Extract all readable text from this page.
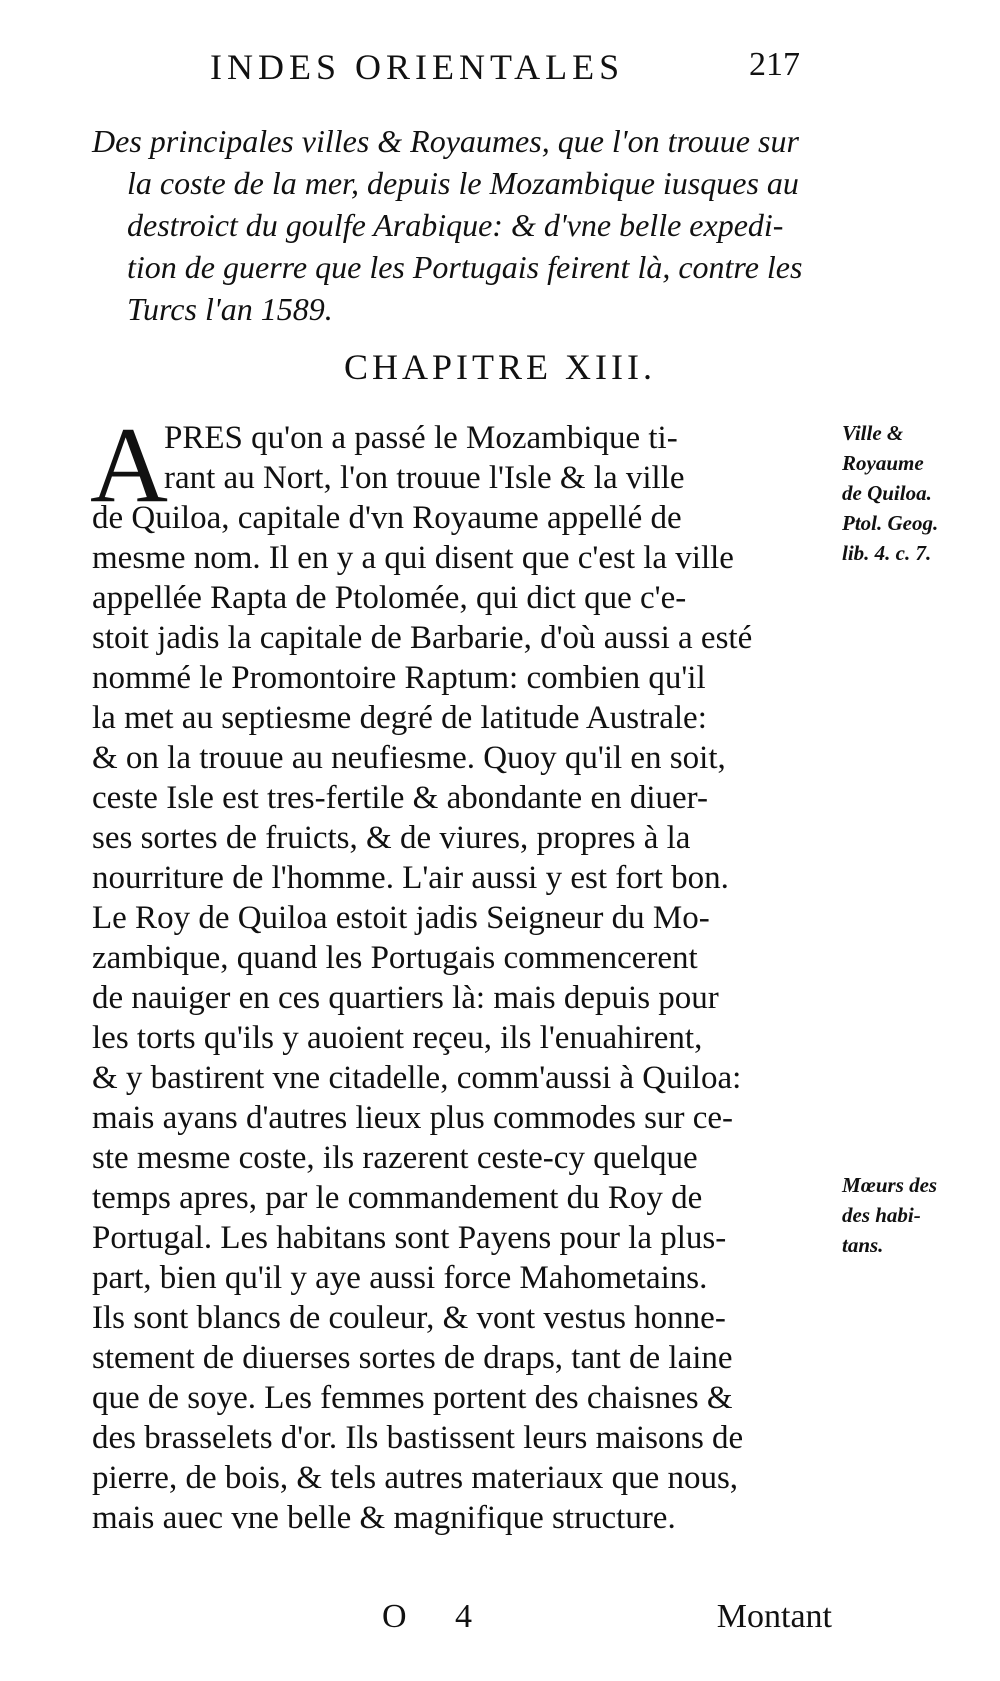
INDES ORIENTALES	217
Des principales villes & Royaumes, que l'on trouue sur
la coste de la mer, depuis le Mozambique iusques au
destroict du goulfe Arabique: & d'vne belle expedi-
tion de guerre que les Portugais feirent là, contre les
Turcs l'an 1589.
CHAPITRE XIII.
A
PRES qu'on a passé le Mozambique ti-
rant au Nort, l'on trouue l'Isle & la ville
de Quiloa, capitale d'vn Royaume appellé de
mesme nom. Il en y a qui disent que c'est la ville
appellée Rapta de Ptolomée, qui dict que c'e-
stoit jadis la capitale de Barbarie, d'où aussi a esté
nommé le Promontoire Raptum: combien qu'il
la met au septiesme degré de latitude Australe:
& on la trouue au neufiesme. Quoy qu'il en soit,
ceste Isle est tres-fertile & abondante en diuer-
ses sortes de fruicts, & de viures, propres à la
nourriture de l'homme. L'air aussi y est fort bon.
Le Roy de Quiloa estoit jadis Seigneur du Mo-
zambique, quand les Portugais commencerent
de nauiger en ces quartiers là: mais depuis pour
les torts qu'ils y auoient reçeu, ils l'enuahirent,
& y bastirent vne citadelle, comm'aussi à Quiloa:
mais ayans d'autres lieux plus commodes sur ce-
ste mesme coste, ils razerent ceste-cy quelque
temps apres, par le commandement du Roy de
Portugal. Les habitans sont Payens pour la plus-
part, bien qu'il y aye aussi force Mahometains.
Ils sont blancs de couleur, & vont vestus honne-
stement de diuerses sortes de draps, tant de laine
que de soye. Les femmes portent des chaisnes &
des brasselets d'or. Ils bastissent leurs maisons de
pierre, de bois, & tels autres materiaux que nous,
mais auec vne belle & magnifique structure.
Ville &
Royaume
de Quiloa.
Ptol. Geog.
lib. 4. c. 7.
Mœurs des
des habi-
tans.
O 4	Montant
